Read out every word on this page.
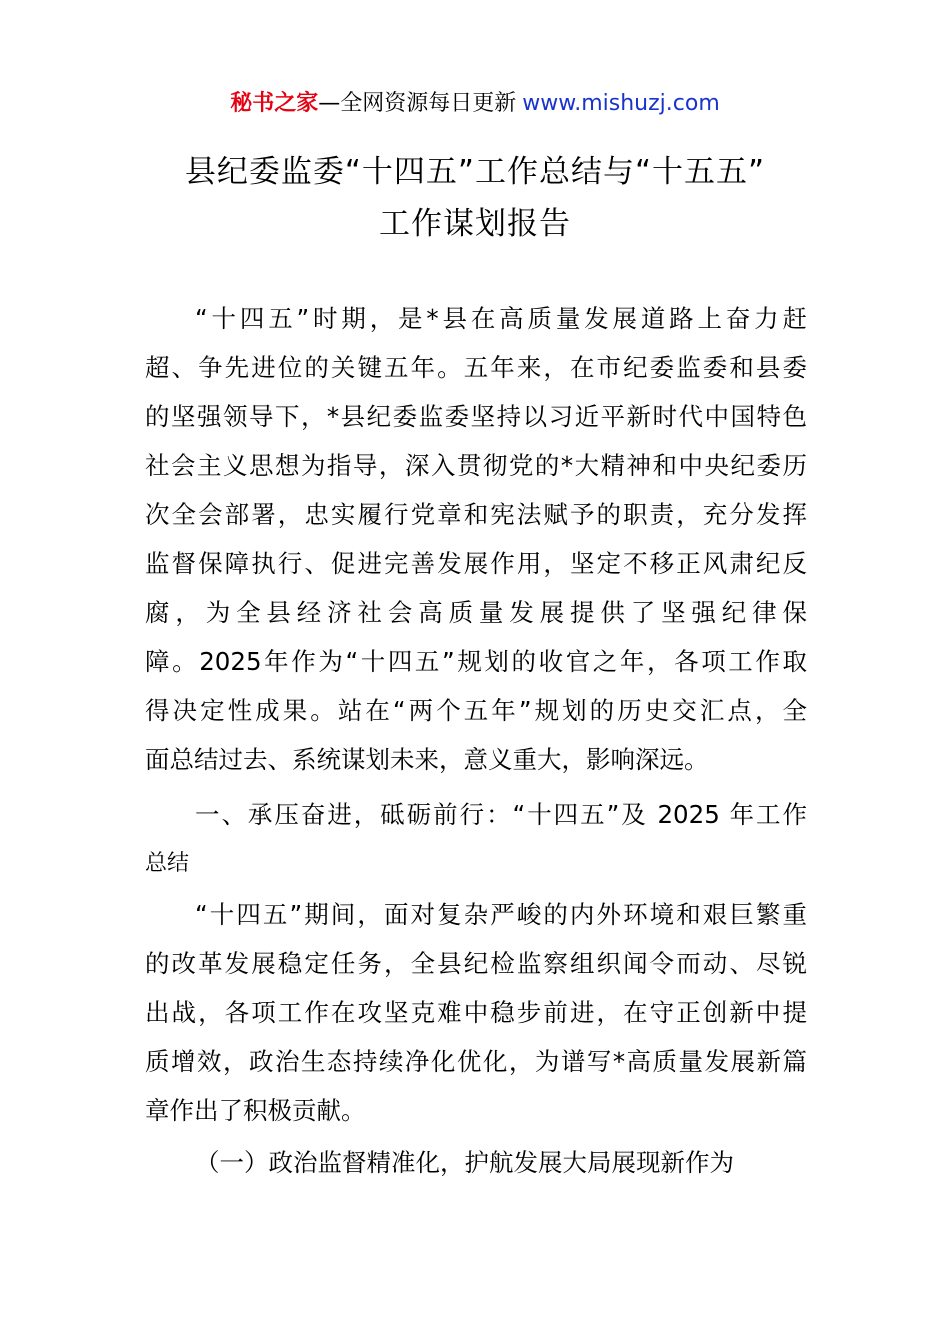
秘书之家—全网资源每日更新 www.mishuzj.com
县纪委监委“十四五”工作总结与“十五五”
工作谋划报告
“十四五”时期，是*县在高质量发展道路上奋力赶
超、争先进位的关键五年。五年来，在市纪委监委和县委
的坚强领导下，*县纪委监委坚持以习近平新时代中国特色
社会主义思想为指导，深入贯彻党的*大精神和中央纪委历
次全会部署，忠实履行党章和宪法赋予的职责，充分发挥
监督保障执行、促进完善发展作用，坚定不移正风肃纪反
腐，为全县经济社会高质量发展提供了坚强纪律保
障。2025年作为“十四五”规划的收官之年，各项工作取
得决定性成果。站在“两个五年”规划的历史交汇点，全
面总结过去、系统谋划未来，意义重大，影响深远。
一、承压奋进，砥砺前行：“十四五”及 2025 年工作
总结
“十四五”期间，面对复杂严峻的内外环境和艰巨繁重
的改革发展稳定任务，全县纪检监察组织闻令而动、尽锐
出战，各项工作在攻坚克难中稳步前进，在守正创新中提
质增效，政治生态持续净化优化，为谱写*高质量发展新篇
章作出了积极贡献。
（一）政治监督精准化，护航发展大局展现新作为
